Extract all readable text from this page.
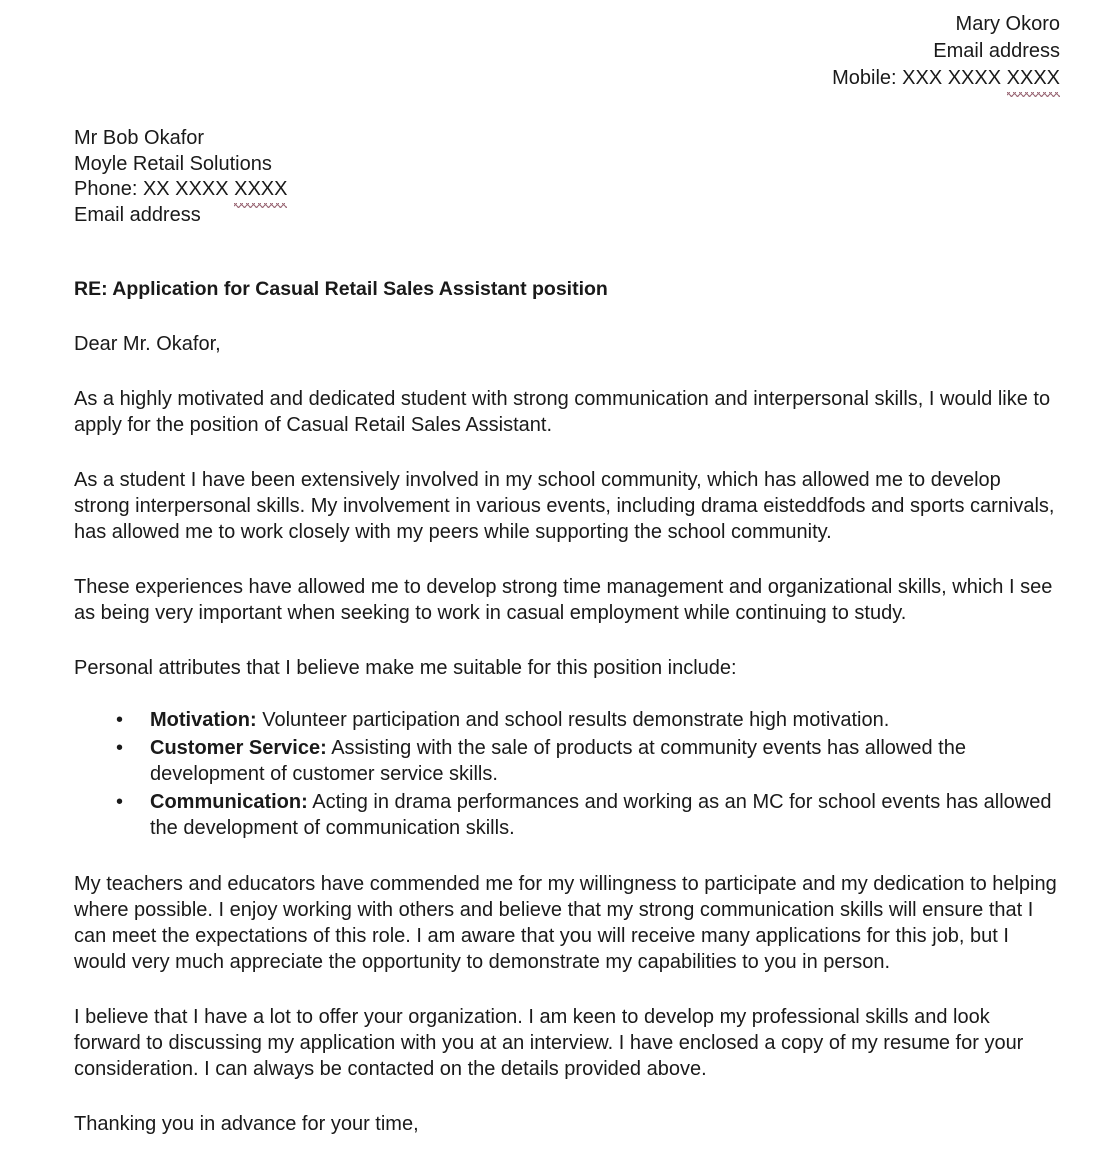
Mary Okoro
Email address
Mobile: XXX XXXX XXXX
Mr Bob Okafor
Moyle Retail Solutions
Phone: XX XXXX XXXX
Email address
RE: Application for Casual Retail Sales Assistant position
Dear Mr. Okafor,

As a highly motivated and dedicated student with strong communication and interpersonal skills, I would like to apply for the position of Casual Retail Sales Assistant.

As a student I have been extensively involved in my school community, which has allowed me to develop strong interpersonal skills. My involvement in various events, including drama eisteddfods and sports carnivals, has allowed me to work closely with my peers while supporting the school community.

These experiences have allowed me to develop strong time management and organizational skills, which I see as being very important when seeking to work in casual employment while continuing to study.

Personal attributes that I believe make me suitable for this position include:

• Motivation: Volunteer participation and school results demonstrate high motivation.
• Customer Service: Assisting with the sale of products at community events has allowed the development of customer service skills.
• Communication: Acting in drama performances and working as an MC for school events has allowed the development of communication skills.

My teachers and educators have commended me for my willingness to participate and my dedication to helping where possible. I enjoy working with others and believe that my strong communication skills will ensure that I can meet the expectations of this role. I am aware that you will receive many applications for this job, but I would very much appreciate the opportunity to demonstrate my capabilities to you in person.

I believe that I have a lot to offer your organization. I am keen to develop my professional skills and look forward to discussing my application with you at an interview. I have enclosed a copy of my resume for your consideration. I can always be contacted on the details provided above.

Thanking you in advance for your time,
